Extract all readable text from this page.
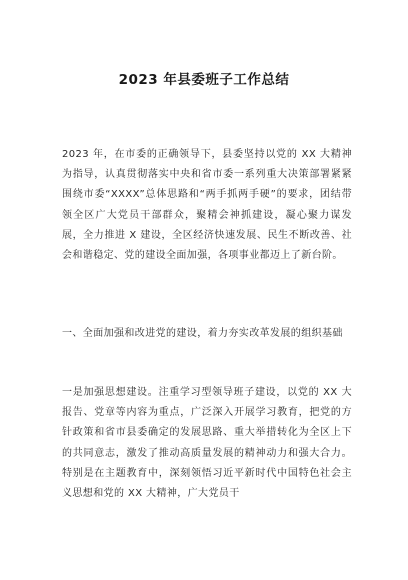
2023 年县委班子工作总结

2023 年，在市委的正确领导下，县委坚持以党的 XX 大精神为指导，认真贯彻落实中央和省市委一系列重大决策部署紧紧围绕市委“XXXX”总体思路和“两手抓两手硬”的要求，团结带领全区广大党员干部群众，聚精会神抓建设，凝心聚力谋发展，全力推进 X 建设，全区经济快速发展、民生不断改善、社会和谐稳定、党的建设全面加强，各项事业都迈上了新台阶。

一、全面加强和改进党的建设，着力夯实改革发展的组织基础

一是加强思想建设。注重学习型领导班子建设，以党的 XX 大报告、党章等内容为重点，广泛深入开展学习教育，把党的方针政策和省市县委确定的发展思路、重大举措转化为全区上下的共同意志，激发了推动高质量发展的精神动力和强大合力。特别是在主题教育中，深刻领悟习近平新时代中国特色社会主义思想和党的 XX 大精神，广大党员干
